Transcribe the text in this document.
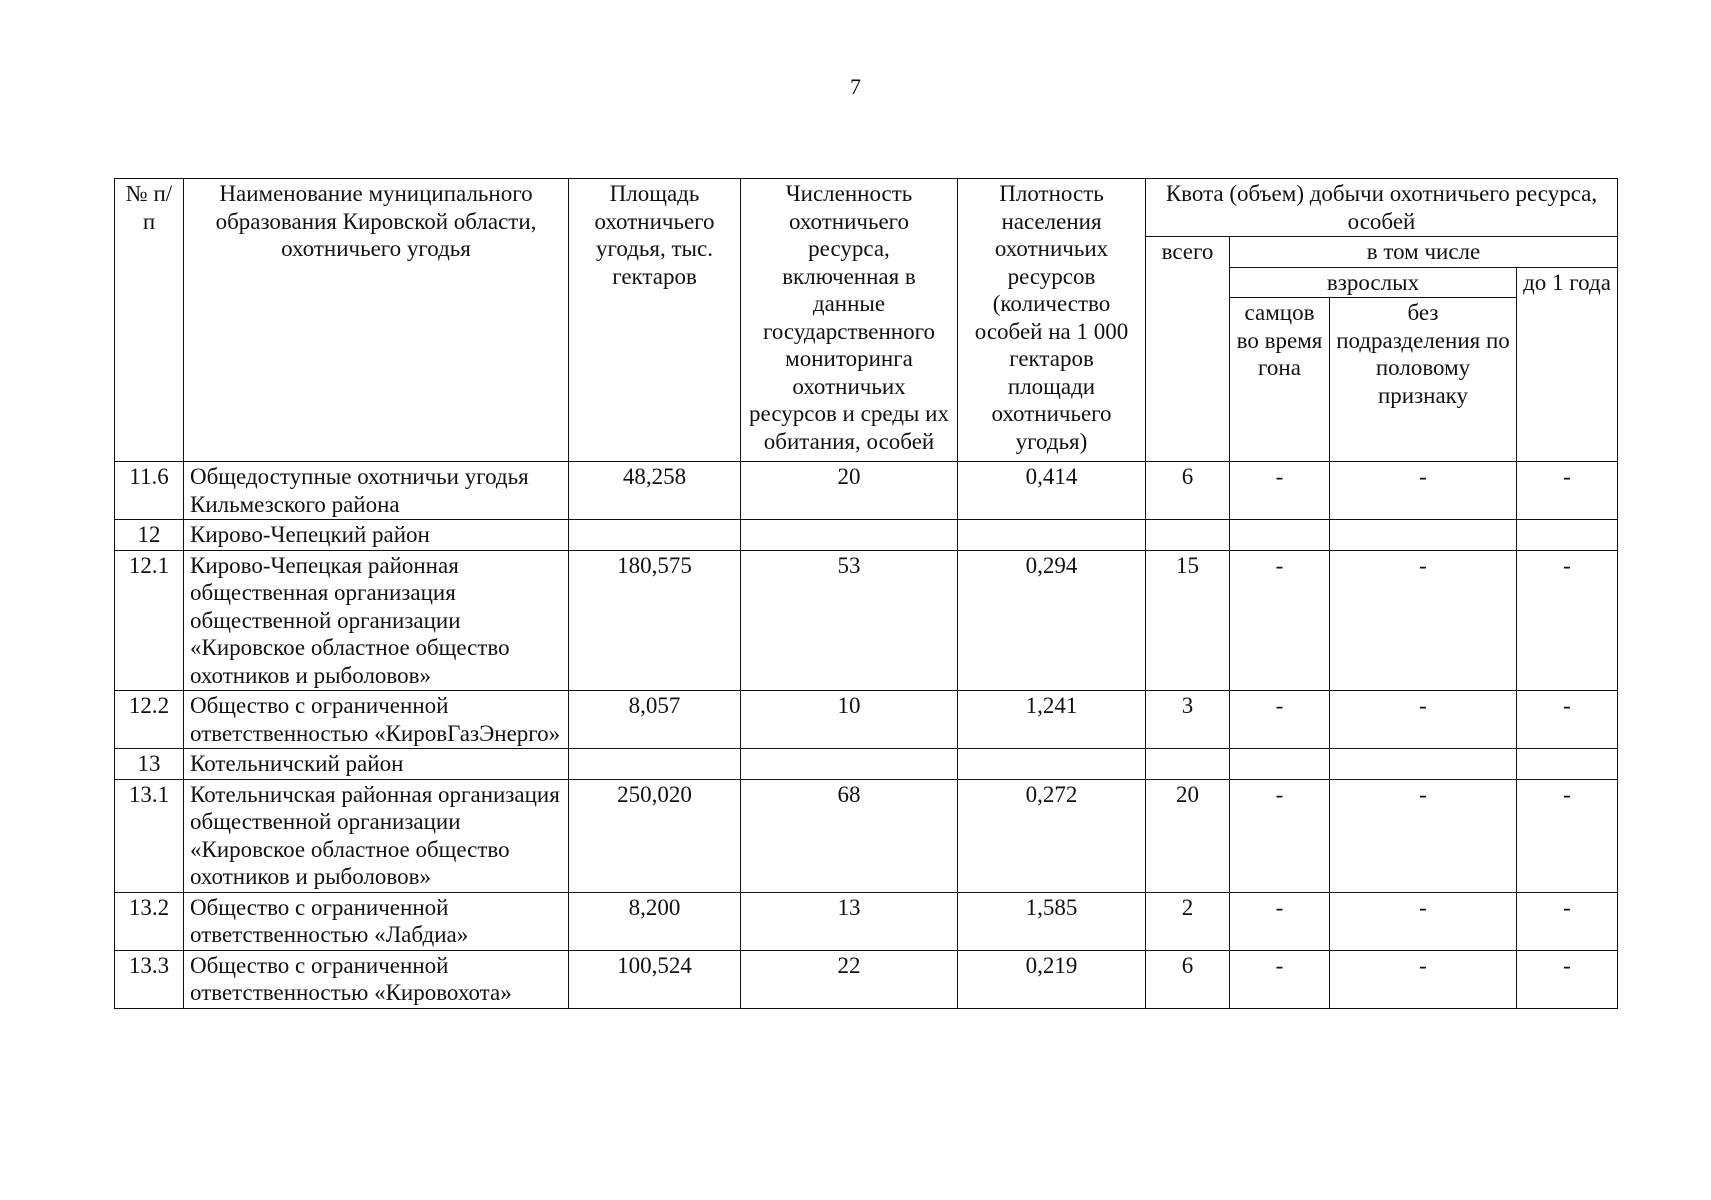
7
№ п/п	Наименование муниципального образования Кировской области, охотничьего угодья	Площадь охотничьего угодья, тыс. гектаров	Численность охотничьего ресурса, включенная в данные государственного мониторинга охотничьих ресурсов и среды их обитания, особей	Плотность населения охотничьих ресурсов (количество особей на 1 000 гектаров площади охотничьего угодья)	Квота (объем) добычи охотничьего ресурса, особей			
					всего	в том числе		
						взрослых		до 1 года
						самцов во время гона	без подразделения по половому признаку	
11.6	Общедоступные охотничьи угодья Кильмезского района	48,258	20	0,414	6	-	-	-
12	Кирово-Чепецкий район							
12.1	Кирово-Чепецкая районная общественная организация общественной организации «Кировское областное общество охотников и рыболовов»	180,575	53	0,294	15	-	-	-
12.2	Общество с ограниченной ответственностью «КировГазЭнерго»	8,057	10	1,241	3	-	-	-
13	Котельничский район							
13.1	Котельничская районная организация общественной организации «Кировское областное общество охотников и рыболовов»	250,020	68	0,272	20	-	-	-
13.2	Общество с ограниченной ответственностью «Лабдиа»	8,200	13	1,585	2	-	-	-
13.3	Общество с ограниченной ответственностью «Кировохота»	100,524	22	0,219	6	-	-	-
